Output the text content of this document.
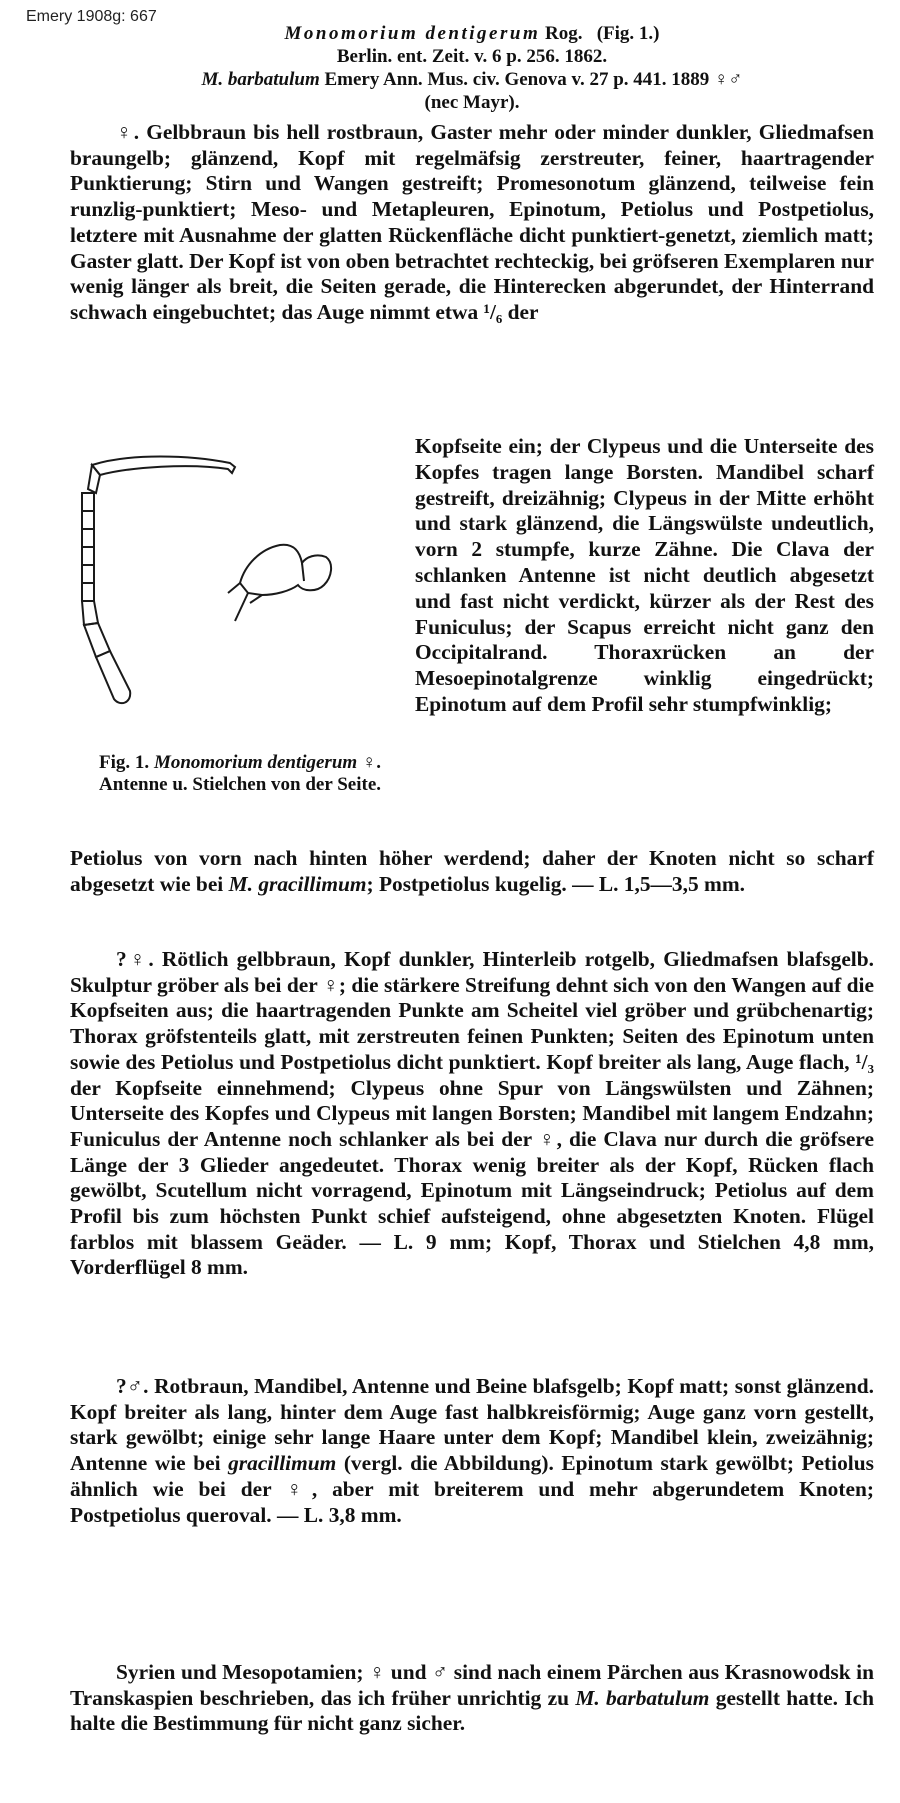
Emery 1908g: 667
Monomorium dentigerum Rog. (Fig. 1.)
Berlin. ent. Zeit. v. 6 p. 256. 1862.
M. barbatulum Emery Ann. Mus. civ. Genova v. 27 p. 441. 1889 ♀♂
(nec Mayr).

♀. Gelbbraun bis hell rostbraun, Gaster mehr oder minder dunkler, Gliedmafsen braungelb; glänzend, Kopf mit regelmäfsig zerstreuter, feiner, haartragender Punktierung; Stirn und Wangen gestreift; Promesonotum glänzend, teilweise fein runzlig-punktiert; Meso- und Metapleuren, Epinotum, Petiolus und Postpetiolus, letztere mit Ausnahme der glatten Rückenfläche dicht punktiert-genetzt, ziemlich matt; Gaster glatt. Der Kopf ist von oben betrachtet rechteckig, bei gröfseren Exemplaren nur wenig länger als breit, die Seiten gerade, die Hinterecken abgerundet, der Hinterrand schwach eingebuchtet; das Auge nimmt etwa ¹/₆ der

Fig. 1. Monomorium dentigerum ♀. Antenne u. Stielchen von der Seite.
Kopfseite ein; der Clypeus und die Unterseite des Kopfes tragen lange Borsten. Mandibel scharf gestreift, dreizähnig; Clypeus in der Mitte erhöht und stark glänzend, die Längswülste undeutlich, vorn 2 stumpfe, kurze Zähne. Die Clava der schlanken Antenne ist nicht deutlich abgesetzt und fast nicht verdickt, kürzer als der Rest des Funiculus; der Scapus erreicht nicht ganz den Occipitalrand. Thoraxrücken an der Mesoepinotalgrenze winklig eingedrückt; Epinotum auf dem Profil sehr stumpfwinklig;
Petiolus von vorn nach hinten höher werdend; daher der Knoten nicht so scharf abgesetzt wie bei M. gracillimum; Postpetiolus kugelig. — L. 1,5—3,5 mm.

?♀. Rötlich gelbbraun, Kopf dunkler, Hinterleib rotgelb, Gliedmafsen blafsgelb. Skulptur gröber als bei der ♀; die stärkere Streifung dehnt sich von den Wangen auf die Kopfseiten aus; die haartragenden Punkte am Scheitel viel gröber und grübchenartig; Thorax gröfstenteils glatt, mit zerstreuten feinen Punkten; Seiten des Epinotum unten sowie des Petiolus und Postpetiolus dicht punktiert. Kopf breiter als lang, Auge flach, ¹/₃ der Kopfseite einnehmend; Clypeus ohne Spur von Längswülsten und Zähnen; Unterseite des Kopfes und Clypeus mit langen Borsten; Mandibel mit langem Endzahn; Funiculus der Antenne noch schlanker als bei der ♀, die Clava nur durch die gröfsere Länge der 3 Glieder angedeutet. Thorax wenig breiter als der Kopf, Rücken flach gewölbt, Scutellum nicht vorragend, Epinotum mit Längseindruck; Petiolus auf dem Profil bis zum höchsten Punkt schief aufsteigend, ohne abgesetzten Knoten. Flügel farblos mit blassem Geäder. — L. 9 mm; Kopf, Thorax und Stielchen 4,8 mm, Vorderflügel 8 mm.

?♂. Rotbraun, Mandibel, Antenne und Beine blafsgelb; Kopf matt; sonst glänzend. Kopf breiter als lang, hinter dem Auge fast halbkreisförmig; Auge ganz vorn gestellt, stark gewölbt; einige sehr lange Haare unter dem Kopf; Mandibel klein, zweizähnig; Antenne wie bei gracillimum (vergl. die Abbildung). Epinotum stark gewölbt; Petiolus ähnlich wie bei der ♀, aber mit breiterem und mehr abgerundetem Knoten; Postpetiolus queroval. — L. 3,8 mm.

Syrien und Mesopotamien; ♀ und ♂ sind nach einem Pärchen aus Krasnowodsk in Transkaspien beschrieben, das ich früher unrichtig zu M. barbatulum gestellt hatte. Ich halte die Bestimmung für nicht ganz sicher.
